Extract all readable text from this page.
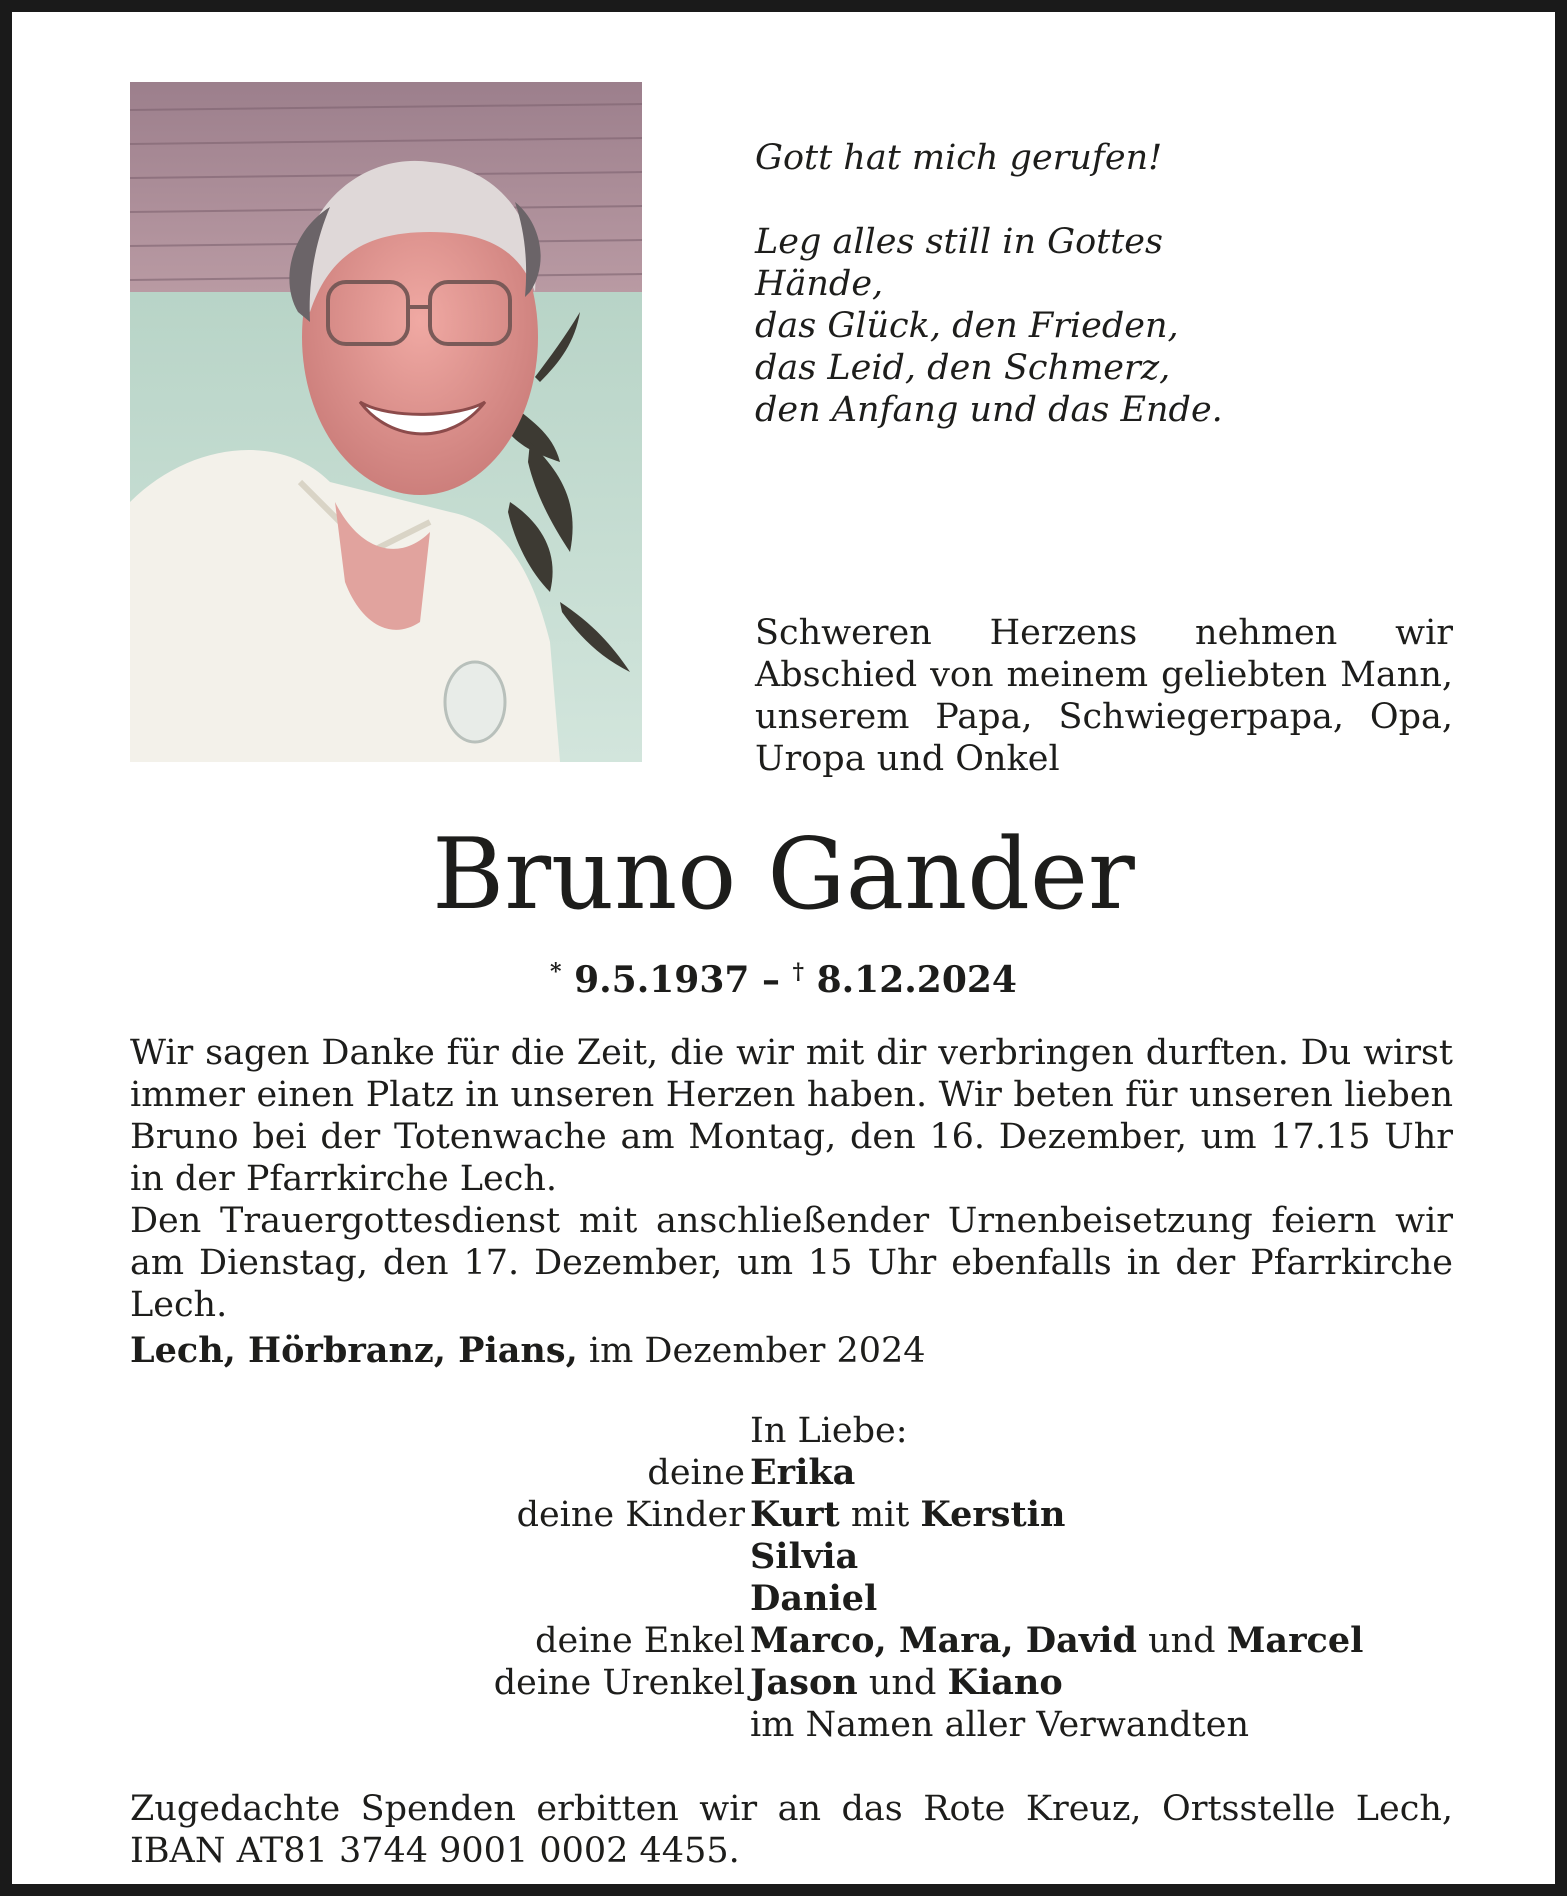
Gott hat mich gerufen!
Leg alles still in Gottes Hände,
das Glück, den Frieden,
das Leid, den Schmerz,
den Anfang und das Ende.
Schweren Herzens nehmen wir Abschied von meinem geliebten Mann, unserem Papa, Schwiegerpapa, Opa, Uropa und Onkel
Bruno Gander
* 9.5.1937 – † 8.12.2024

Wir sagen Danke für die Zeit, die wir mit dir verbringen durften. Du wirst immer einen Platz in unseren Herzen haben. Wir beten für unseren lieben Bruno bei der Totenwache am Montag, den 16. Dezember, um 17.15 Uhr in der Pfarrkirche Lech.

Den Trauergottesdienst mit anschließender Urnenbeisetzung feiern wir am Dienstag, den 17. Dezember, um 15 Uhr ebenfalls in der Pfarrkirche Lech.

Lech, Hörbranz, Pians, im Dezember 2024
In Liebe:
deine Erika
deine Kinder Kurt mit Kerstin
Silvia
Daniel
deine Enkel Marco, Mara, David und Marcel
deine Urenkel Jason und Kiano
im Namen aller Verwandten
Zugedachte Spenden erbitten wir an das Rote Kreuz, Ortsstelle Lech, IBAN AT81 3744 9001 0002 4455.
